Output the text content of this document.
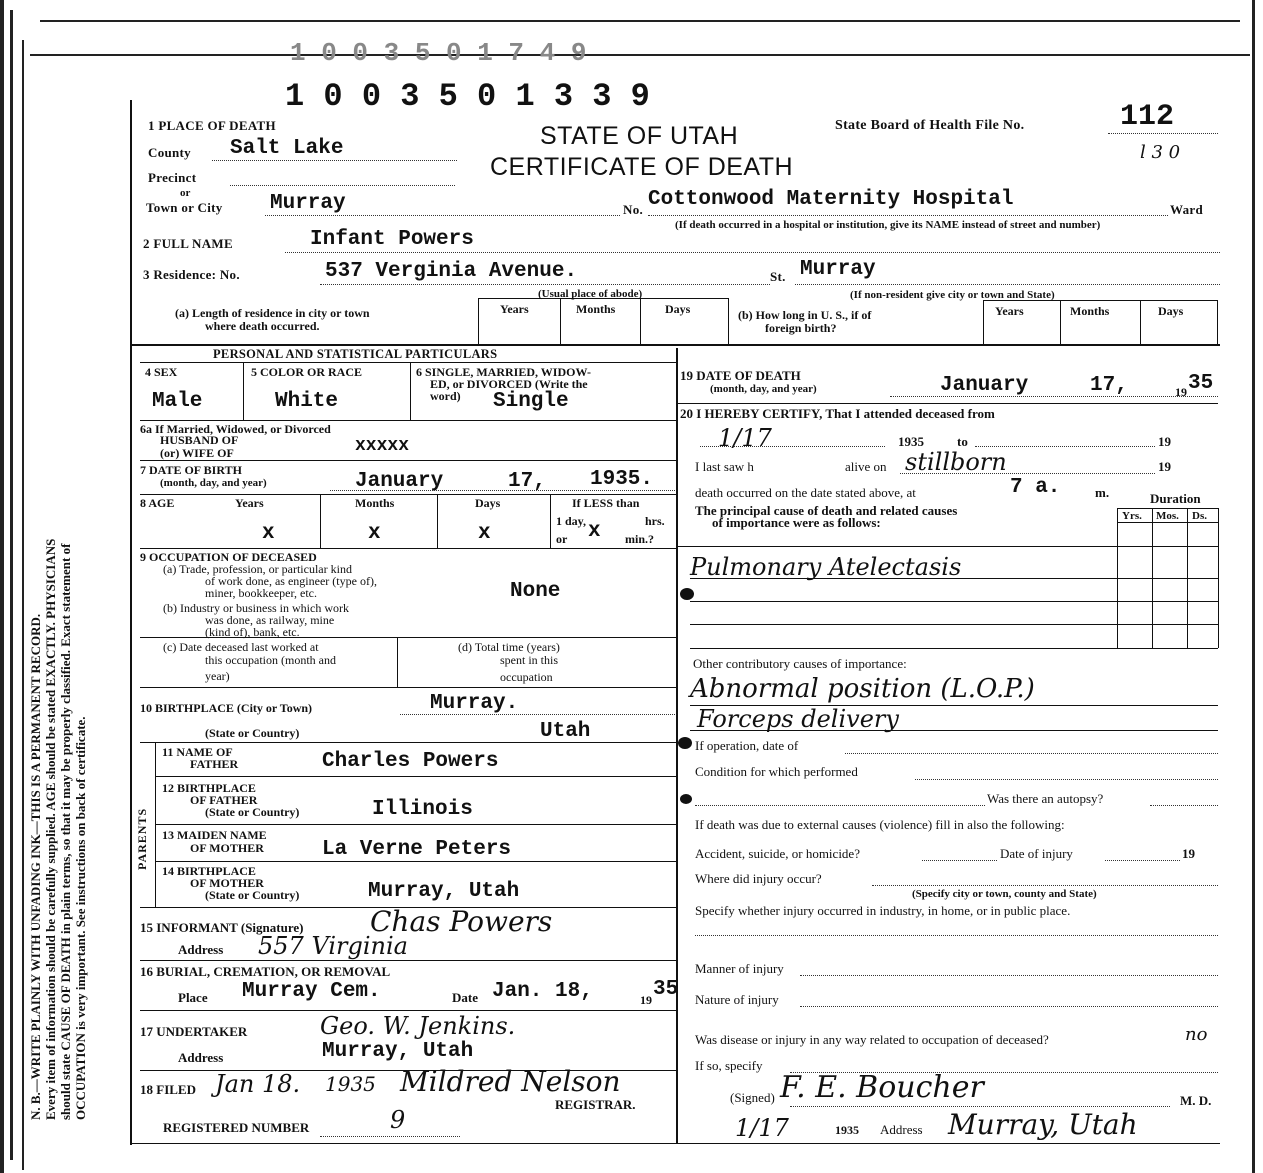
1 0 0 3 5 0 1 7 4 9
1 0 0 3 5 0 1 3 3 9
N. B.—WRITE PLAINLY WITH UNFADING INK—THIS IS A PERMANENT RECORD. Every item of information should be carefully supplied. AGE should be stated EXACTLY. PHYSICIANS should state CAUSE OF DEATH in plain terms, so that it may be properly classified. Exact statement of OCCUPATION is very important. See instructions on back of certificate.
STATE OF UTAH
CERTIFICATE OF DEATH
State Board of Health File No.	112
l 3 0
1 PLACE OF DEATH
County Salt Lake
Precinct
or
Town or City Murray	No. Cottonwood Maternity Hospital	Ward
(If death occurred in a hospital or institution, give its NAME instead of street and number)
2 FULL NAME	Infant Powers
3 Residence: No.	537 Verginia Avenue.	St. Murray
(Usual place of abode)	(If non-resident give city or town and State)
(a) Length of residence in city or town
where death occurred.
Years	Months	Days	(b) How long in U. S., if of
foreign birth?
Years	Months	Days
PERSONAL AND STATISTICAL PARTICULARS
4 SEX
Male
5 COLOR OR RACE
White
6 SINGLE, MARRIED, WIDOW-
ED, or DIVORCED (Write the
word) Single
6a If Married, Widowed, or Divorced
HUSBAND OF
(or) WIFE OF	xxxxx
7 DATE OF BIRTH
(month, day, and year)	January	17, 1935.
8 AGE	Years	Months	Days
x	x	x
If LESS than
1 day,	hrs.
or x min.?
9 OCCUPATION OF DECEASED
(a) Trade, profession, or particular kind
of work done, as engineer (type of),
miner, bookkeeper, etc.	None
(b) Industry or business in which work
was done, as railway, mine
(kind of), bank, etc.
(c) Date deceased last worked at
this occupation (month and
year)
(d) Total time (years)
spent in this
occupation
10 BIRTHPLACE (City or Town)	Murray.
(State or Country)	Utah
PARENTS
11 NAME OF
FATHER	Charles Powers
12 BIRTHPLACE
OF FATHER
(State or Country)	Illinois
13 MAIDEN NAME
OF MOTHER	La Verne Peters
14 BIRTHPLACE
OF MOTHER
(State or Country)	Murray, Utah
15 INFORMANT (Signature) Chas Powers
Address 557 Virginia
16 BURIAL, CREMATION, OR REMOVAL
Place Murray Cem.	Date Jan. 18,	19 35
17 UNDERTAKER	Geo. W. Jenkins.
Address	Murray, Utah
18 FILED Jan 18. 1935 Mildred Nelson
REGISTRAR.
REGISTERED NUMBER	9
19 DATE OF DEATH
(month, day, and year)	January	17,	19 35
20 I HEREBY CERTIFY, That I attended deceased from
1/17	1935	to	19
I last saw h	alive on stillborn	19
death occurred on the date stated above, at	7 a.	m.	Duration
The principal cause of death and related causes
of importance were as follows:	Yrs. Mos. Ds.
Pulmonary Atelectasis
Other contributory causes of importance:
Abnormal position (L.O.P.)
Forceps delivery
If operation, date of
Condition for which performed
Was there an autopsy?
If death was due to external causes (violence) fill in also the following:
Accident, suicide, or homicide?	Date of injury	19
Where did injury occur?
(Specify city or town, county and State)
Specify whether injury occurred in industry, in home, or in public place.
Manner of injury
Nature of injury
Was disease or injury in any way related to occupation of deceased?	no
If so, specify
(Signed) F. E. Boucher	M. D.
1/17	1935 Address Murray, Utah
